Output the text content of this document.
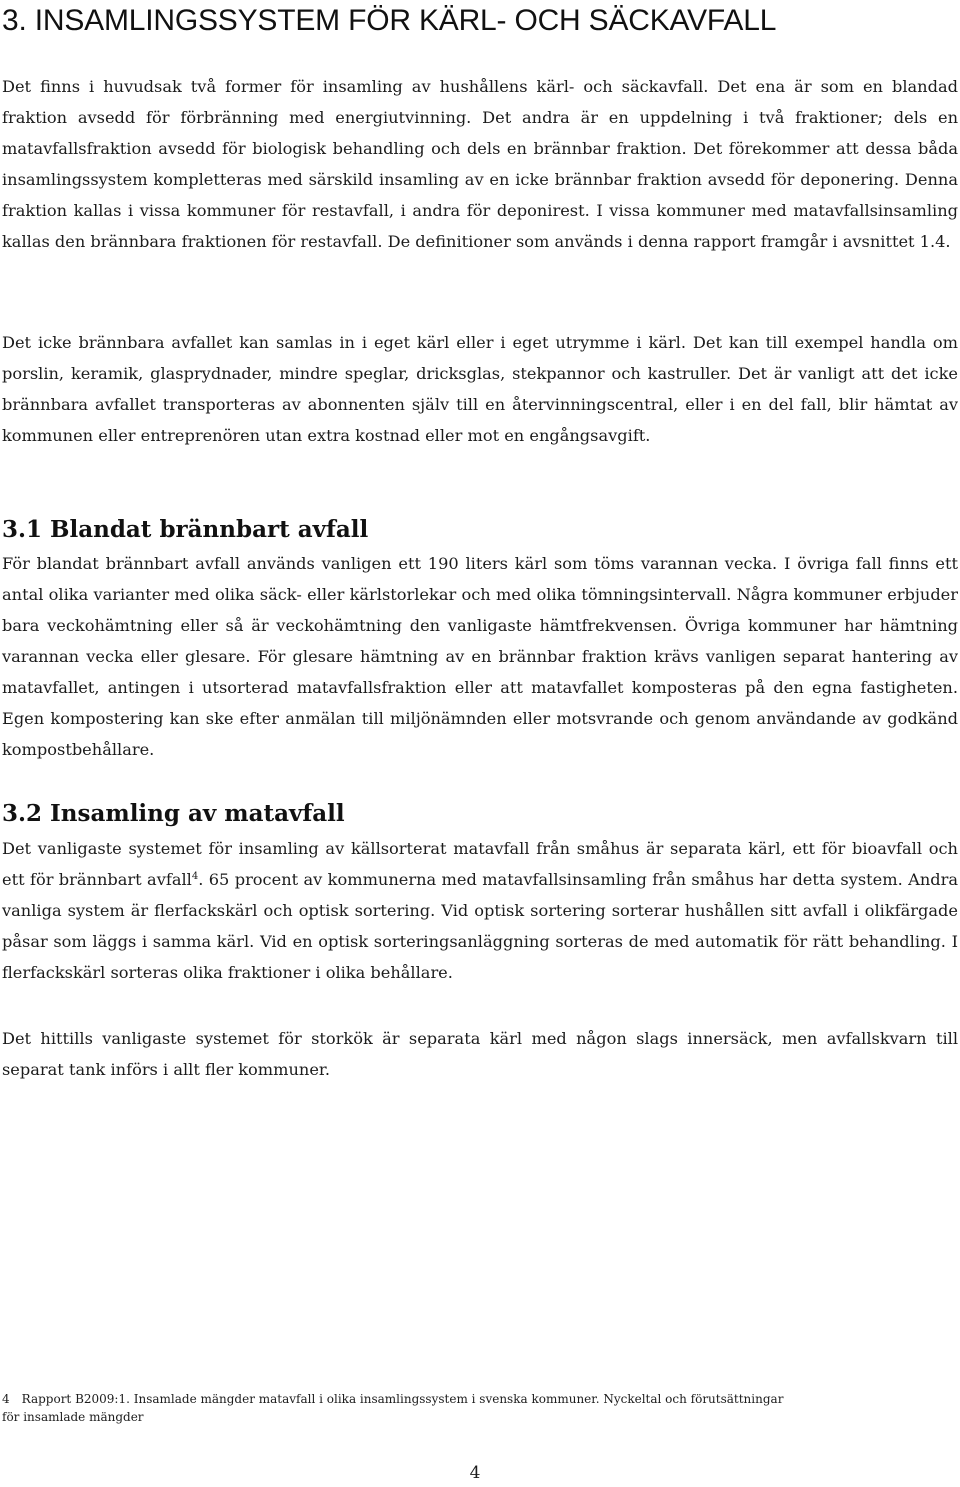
3. INSAMLINGSSYSTEM FÖR KÄRL- OCH SÄCKAVFALL

Det finns i huvudsak två former för insamling av hushållens kärl- och säckavfall. Det ena är som en blandad fraktion avsedd för förbränning med energiutvinning. Det andra är en uppdelning i två fraktioner; dels en matavfallsfraktion avsedd för biologisk behandling och dels en brännbar fraktion. Det förekommer att dessa båda insamlingssystem kompletteras med särskild insamling av en icke brännbar fraktion avsedd för deponering. Denna fraktion kallas i vissa kommuner för restavfall, i andra för deponirest. I vissa kommuner med matavfallsinsamling kallas den brännbara fraktionen för restavfall. De definitioner som används i denna rapport framgår i avsnittet 1.4.

Det icke brännbara avfallet kan samlas in i eget kärl eller i eget utrymme i kärl. Det kan till exempel handla om porslin, keramik, glasprydnader, mindre speglar, dricksglas, stekpannor och kastruller. Det är vanligt att det icke brännbara avfallet transporteras av abonnenten själv till en återvinningscentral, eller i en del fall, blir hämtat av kommunen eller entreprenören utan extra kostnad eller mot en engångsavgift.

3.1 Blandat brännbart avfall

För blandat brännbart avfall används vanligen ett 190 liters kärl som töms varannan vecka. I övriga fall finns ett antal olika varianter med olika säck- eller kärlstorlekar och med olika tömningsintervall. Några kommuner erbjuder bara veckohämtning eller så är veckohämtning den vanligaste hämtfrekvensen. Övriga kommuner har hämtning varannan vecka eller glesare. För glesare hämtning av en brännbar fraktion krävs vanligen separat hantering av matavfallet, antingen i utsorterad matavfallsfraktion eller att matavfallet komposteras på den egna fastigheten. Egen kompostering kan ske efter anmälan till miljönämnden eller motsvrande och genom användande av godkänd kompostbehållare.

3.2 Insamling av matavfall

Det vanligaste systemet för insamling av källsorterat matavfall från småhus är separata kärl, ett för bioavfall och ett för brännbart avfall$^4$. 65 procent av kommunerna med matavfallsinsamling från småhus har detta system. Andra vanliga system är flerfackskärl och optisk sortering. Vid optisk sortering sorterar hushållen sitt avfall i olikfärgade påsar som läggs i samma kärl. Vid en optisk sorteringsanläggning sorteras de med automatik för rätt behandling. I flerfackskärl sorteras olika fraktioner i olika behållare.

Det hittills vanligaste systemet för storkök är separata kärl med någon slags innersäck, men avfallskvarn till separat tank införs i allt fler kommuner.

4 Rapport B2009:1. Insamlade mängder matavfall i olika insamlingssystem i svenska kommuner. Nyckeltal och förutsättningar för insamlade mängder

4
